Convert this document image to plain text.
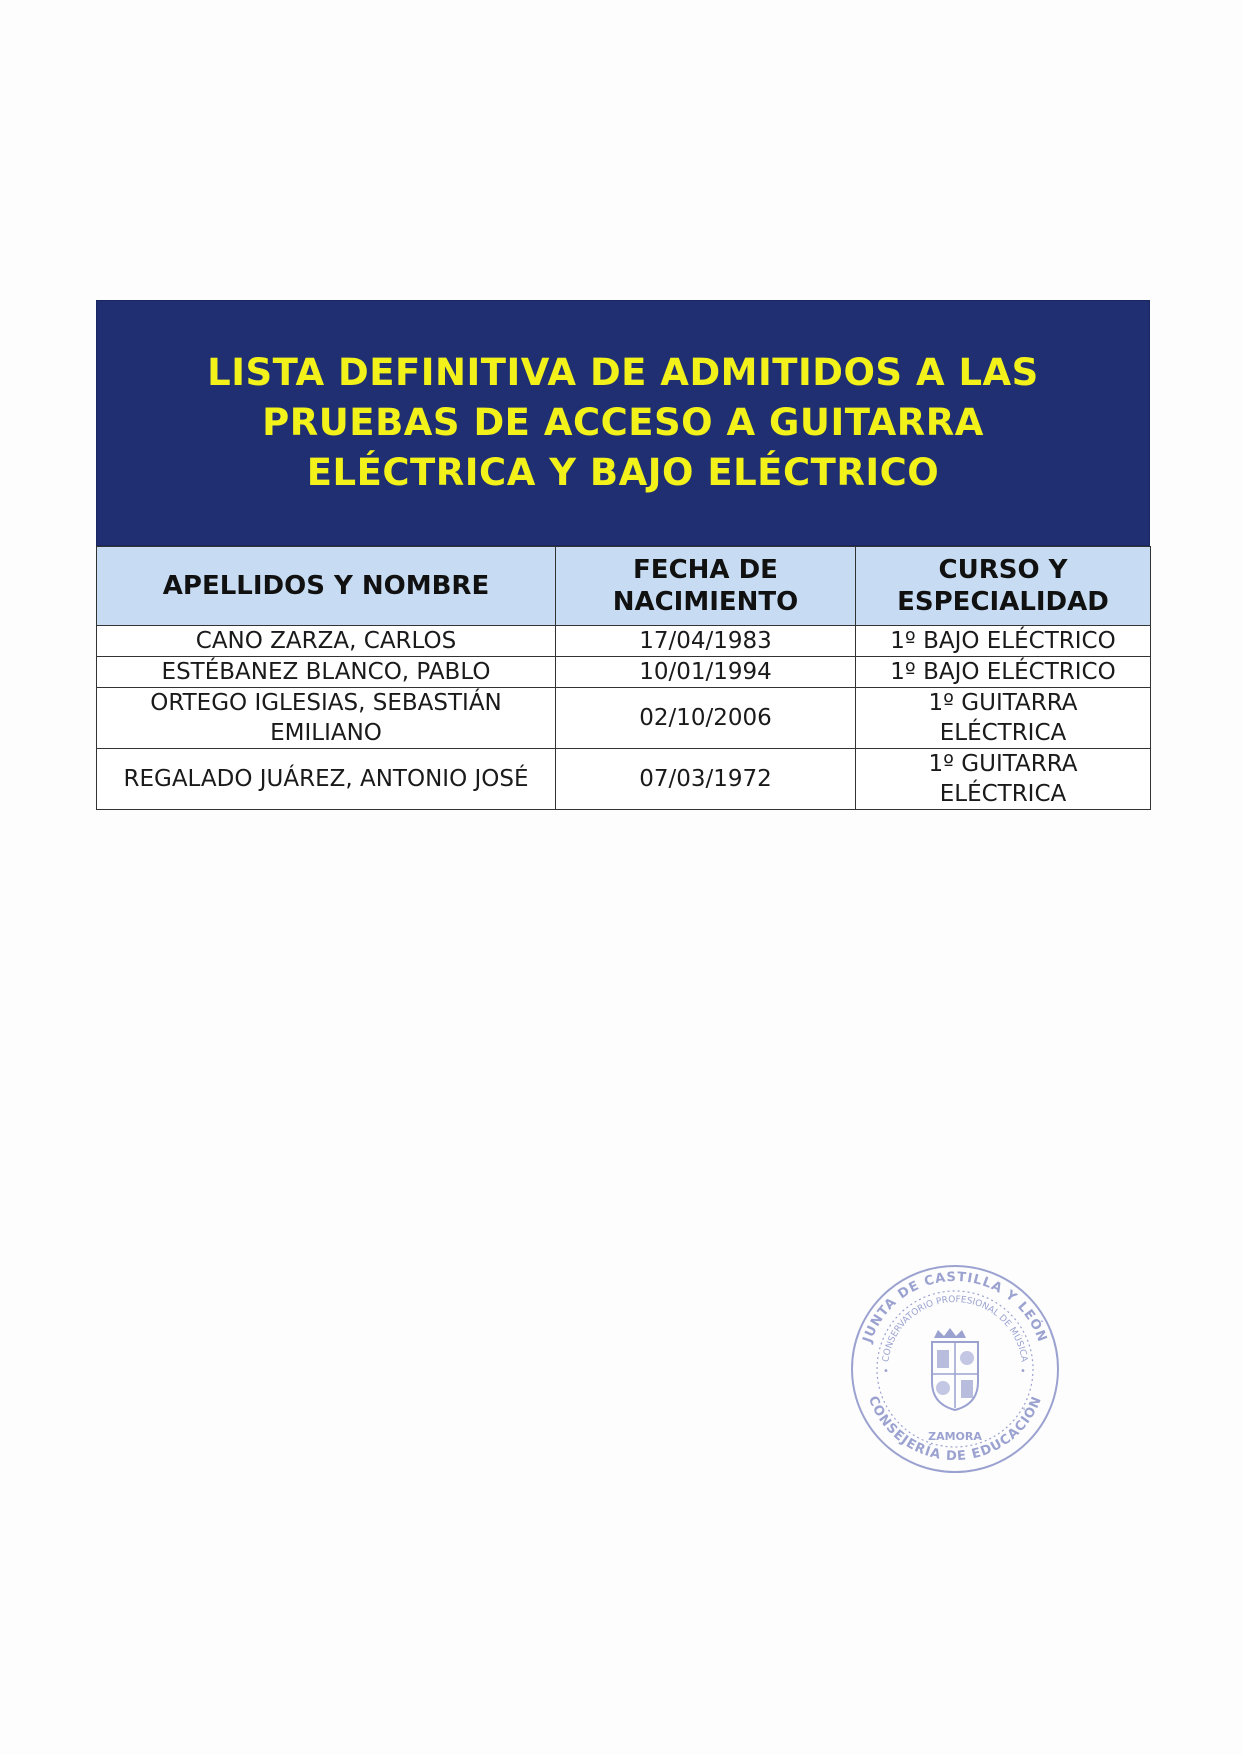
LISTA DEFINITIVA DE ADMITIDOS A LAS PRUEBAS DE ACCESO A GUITARRA ELÉCTRICA Y BAJO ELÉCTRICO
APELLIDOS Y NOMBRE	FECHA DE NACIMIENTO	CURSO Y ESPECIALIDAD
CANO ZARZA, CARLOS	17/04/1983	1º BAJO ELÉCTRICO
ESTÉBANEZ BLANCO, PABLO	10/01/1994	1º BAJO ELÉCTRICO
ORTEGO IGLESIAS, SEBASTIÁN EMILIANO	02/10/2006	1º GUITARRA ELÉCTRICA
REGALADO JUÁREZ, ANTONIO JOSÉ	07/03/1972	1º GUITARRA ELÉCTRICA
JUNTA DE CASTILLA Y LEÓN
CONSEJERÍA DE EDUCACIÓN
CONSERVATORIO PROFESIONAL DE MÚSICA
ZAMORA
•	•
